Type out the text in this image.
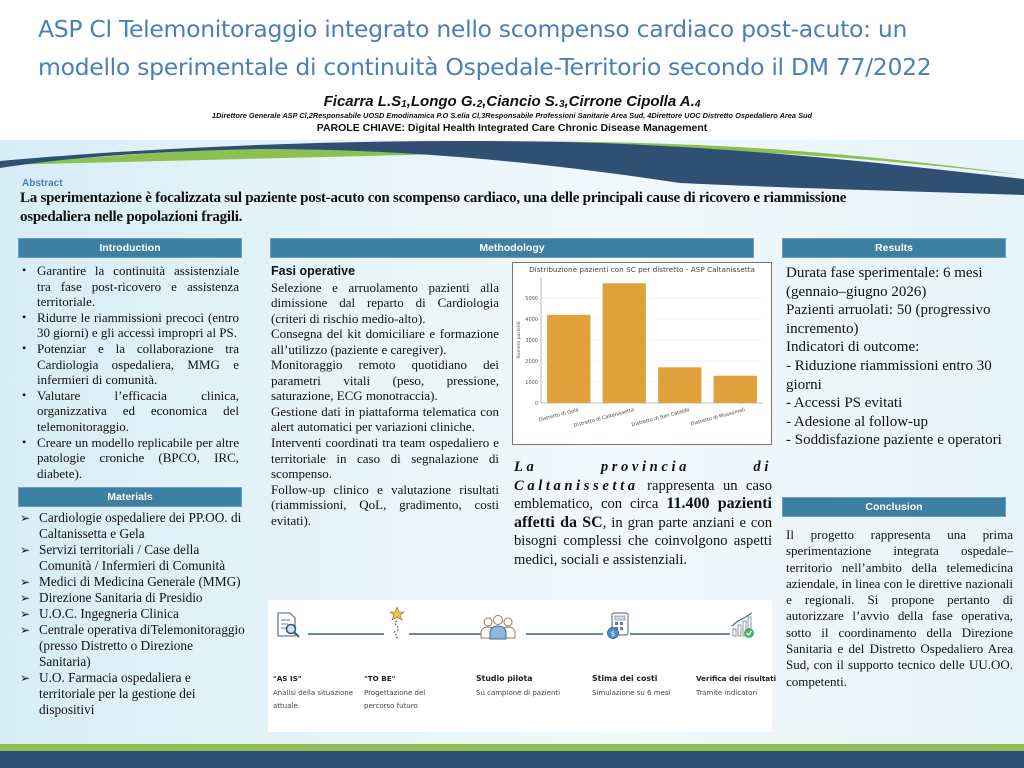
ASP Cl Telemonitoraggio integrato nello scompenso cardiaco post-acuto: un
modello sperimentale di continuità Ospedale-Territorio secondo il DM 77/2022
Ficarra $L.S_1,Longo$ $G._2,Ciancio$ $S._3,Cirrone$ Cipolla $A._4$
1Direttore Generale ASP Cl,2Responsabile UOSD Emodinamica P.O S.elia Cl,3Responsabile Professioni Sanitarie Area Sud, 4Direttore UOC Distretto Ospedaliero Area Sud
PAROLE CHIAVE: Digital Health Integrated Care Chronic Disease Management
Abstract
La sperimentazione è focalizzata sul paziente post-acuto con scompenso cardiaco, una delle principali cause di ricovero e riammissione ospedaliera nelle popolazioni fragili.
Introduction
• Garantire la continuità assistenziale tra fase post-ricovero e assistenza territoriale.
• Ridurre le riammissioni precoci (entro 30 giorni) e gli accessi impropri al PS.
• Potenziar e la collaborazione tra Cardiologia ospedaliera, MMG e infermieri di comunità.
• Valutare l’efficacia clinica, organizzativa ed economica del telemonitoraggio.
• Creare un modello replicabile per altre patologie croniche (BPCO, IRC, diabete).
Materials
➢ Cardiologie ospedaliere dei PP.OO. di Caltanissetta e Gela
➢ Servizi territoriali / Case della Comunità / Infermieri di Comunità
➢ Medici di Medicina Generale (MMG)
➢ Direzione Sanitaria di Presidio
➢ U.O.C. Ingegneria Clinica
➢ Centrale operativa diTelemonitoraggio (presso Distretto o Direzione Sanitaria)
➢ U.O. Farmacia ospedaliera e territoriale per la gestione dei dispositivi
Methodology
Fasi operative
Selezione e arruolamento pazienti alla dimissione dal reparto di Cardiologia (criteri di rischio medio-alto).
Consegna del kit domiciliare e formazione all’utilizzo (paziente e caregiver).
Monitoraggio remoto quotidiano dei parametri vitali (peso, pressione, saturazione, ECG monotraccia).
Gestione dati in piattaforma telematica con alert automatici per variazioni cliniche.
Interventi coordinati tra team ospedaliero e territoriale in caso di segnalazione di scompenso.
Follow-up clinico e valutazione risultati (riammissioni, QoL, gradimento, costi evitati).
Distribuzione pazienti con SC per distretto - ASP Caltanissetta
0
1000
2000
3000
4000
5000
Numero pazienti
Distretto di Gela
Distretto di Caltanissetta
Distretto di San Cataldo Distretto di Mussomeli
La provincia di Caltanissetta rappresenta un caso emblematico, con circa 11.400 pazienti affetti da SC, in gran parte anziani e con bisogni complessi che coinvolgono aspetti medici, sociali e assistenziali.
"AS IS"
Analisi della situazione attuale
"TO BE"
Progettazione del percorso futuro
Studio pilota
Su campione di pazienti
$
Stima dei costi
Simulazione su 6 mesi
Verifica dei risultati
Tramite indicatori
Results
Durata fase sperimentale: 6 mesi (gennaio–giugno 2026)
Pazienti arruolati: 50 (progressivo incremento)
Indicatori di outcome:
- Riduzione riammissioni entro 30 giorni
- Accessi PS evitati
- Adesione al follow-up
- Soddisfazione paziente e operatori
Conclusion
Il progetto rappresenta una prima sperimentazione integrata ospedale–territorio nell’ambito della telemedicina aziendale, in linea con le direttive nazionali e regionali. Si propone pertanto di autorizzare l’avvio della fase operativa, sotto il coordinamento della Direzione Sanitaria e del Distretto Ospedaliero Area Sud, con il supporto tecnico delle UU.OO. competenti.
